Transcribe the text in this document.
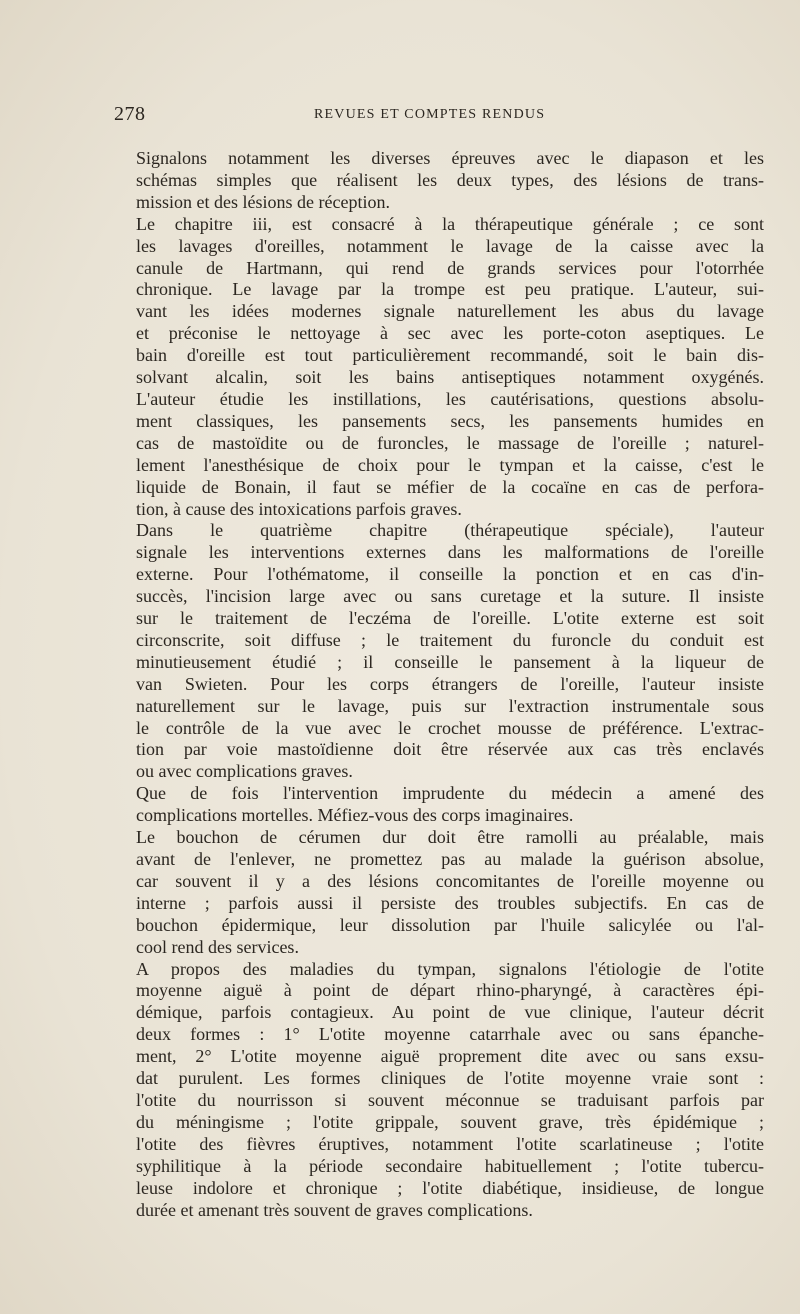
278	REVUES ET COMPTES RENDUS

Signalons notamment les diverses épreuves avec le diapason et les
schémas simples que réalisent les deux types, des lésions de trans-
mission et des lésions de réception.

Le chapitre iii, est consacré à la thérapeutique générale ; ce sont
les lavages d'oreilles, notamment le lavage de la caisse avec la
canule de Hartmann, qui rend de grands services pour l'otorrhée
chronique. Le lavage par la trompe est peu pratique. L'auteur, sui-
vant les idées modernes signale naturellement les abus du lavage
et préconise le nettoyage à sec avec les porte-coton aseptiques. Le
bain d'oreille est tout particulièrement recommandé, soit le bain dis-
solvant alcalin, soit les bains antiseptiques notamment oxygénés.
L'auteur étudie les instillations, les cautérisations, questions absolu-
ment classiques, les pansements secs, les pansements humides en
cas de mastoïdite ou de furoncles, le massage de l'oreille ; naturel-
lement l'anesthésique de choix pour le tympan et la caisse, c'est le
liquide de Bonain, il faut se méfier de la cocaïne en cas de perfora-
tion, à cause des intoxications parfois graves.

Dans le quatrième chapitre (thérapeutique spéciale), l'auteur
signale les interventions externes dans les malformations de l'oreille
externe. Pour l'othématome, il conseille la ponction et en cas d'in-
succès, l'incision large avec ou sans curetage et la suture. Il insiste
sur le traitement de l'eczéma de l'oreille. L'otite externe est soit
circonscrite, soit diffuse ; le traitement du furoncle du conduit est
minutieusement étudié ; il conseille le pansement à la liqueur de
van Swieten. Pour les corps étrangers de l'oreille, l'auteur insiste
naturellement sur le lavage, puis sur l'extraction instrumentale sous
le contrôle de la vue avec le crochet mousse de préférence. L'extrac-
tion par voie mastoïdienne doit être réservée aux cas très enclavés
ou avec complications graves.

Que de fois l'intervention imprudente du médecin a amené des
complications mortelles. Méfiez-vous des corps imaginaires.

Le bouchon de cérumen dur doit être ramolli au préalable, mais
avant de l'enlever, ne promettez pas au malade la guérison absolue,
car souvent il y a des lésions concomitantes de l'oreille moyenne ou
interne ; parfois aussi il persiste des troubles subjectifs. En cas de
bouchon épidermique, leur dissolution par l'huile salicylée ou l'al-
cool rend des services.

A propos des maladies du tympan, signalons l'étiologie de l'otite
moyenne aiguë à point de départ rhino-pharyngé, à caractères épi-
démique, parfois contagieux. Au point de vue clinique, l'auteur décrit
deux formes : 1° L'otite moyenne catarrhale avec ou sans épanche-
ment, 2° L'otite moyenne aiguë proprement dite avec ou sans exsu-
dat purulent. Les formes cliniques de l'otite moyenne vraie sont :
l'otite du nourrisson si souvent méconnue se traduisant parfois par
du méningisme ; l'otite grippale, souvent grave, très épidémique ;
l'otite des fièvres éruptives, notamment l'otite scarlatineuse ; l'otite
syphilitique à la période secondaire habituellement ; l'otite tubercu-
leuse indolore et chronique ; l'otite diabétique, insidieuse, de longue
durée et amenant très souvent de graves complications.
